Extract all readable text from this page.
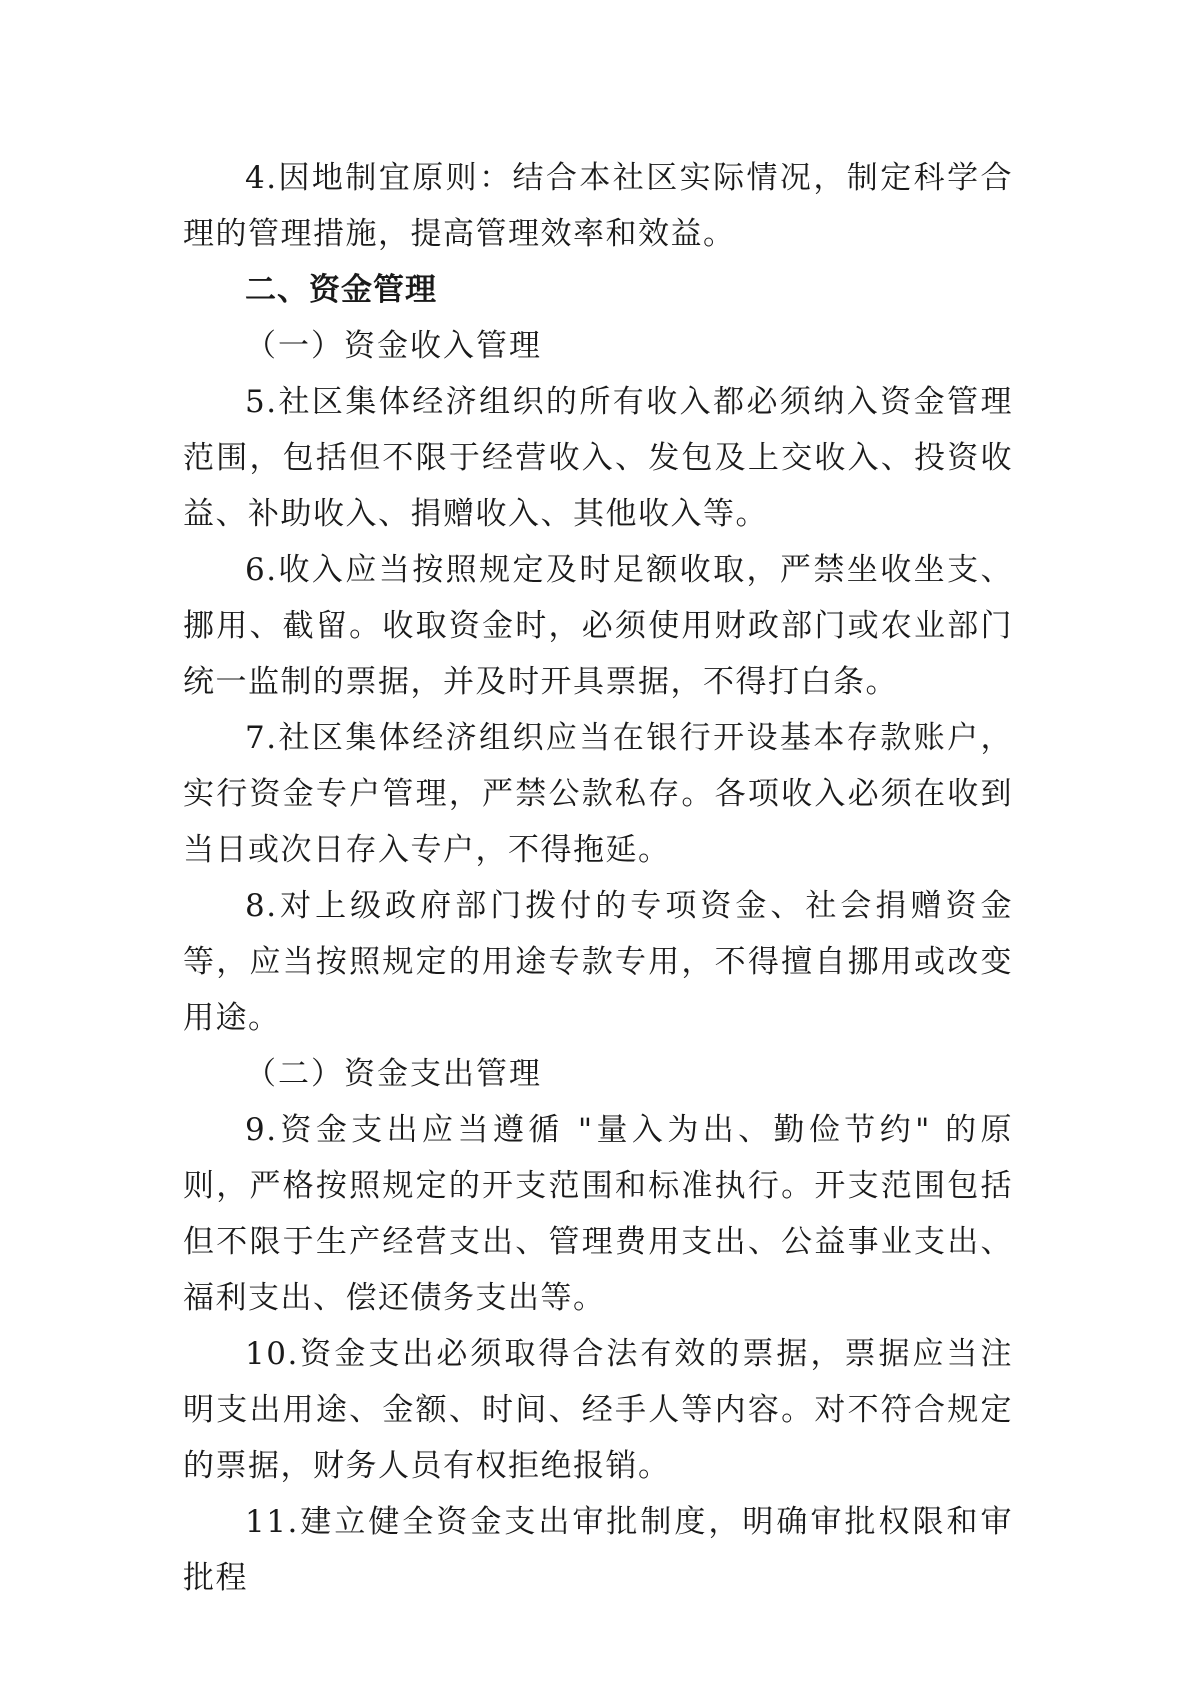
4.因地制宜原则：结合本社区实际情况，制定科学合理的管理措施，提高管理效率和效益。

二、资金管理

（一）资金收入管理

5.社区集体经济组织的所有收入都必须纳入资金管理范围，包括但不限于经营收入、发包及上交收入、投资收益、补助收入、捐赠收入、其他收入等。

6.收入应当按照规定及时足额收取，严禁坐收坐支、挪用、截留。收取资金时，必须使用财政部门或农业部门统一监制的票据，并及时开具票据，不得打白条。

7.社区集体经济组织应当在银行开设基本存款账户，实行资金专户管理，严禁公款私存。各项收入必须在收到当日或次日存入专户，不得拖延。

8.对上级政府部门拨付的专项资金、社会捐赠资金等，应当按照规定的用途专款专用，不得擅自挪用或改变用途。

（二）资金支出管理

9.资金支出应当遵循 "量入为出、勤俭节约" 的原则，严格按照规定的开支范围和标准执行。开支范围包括但不限于生产经营支出、管理费用支出、公益事业支出、福利支出、偿还债务支出等。

10.资金支出必须取得合法有效的票据，票据应当注明支出用途、金额、时间、经手人等内容。对不符合规定的票据，财务人员有权拒绝报销。

11.建立健全资金支出审批制度，明确审批权限和审批程
